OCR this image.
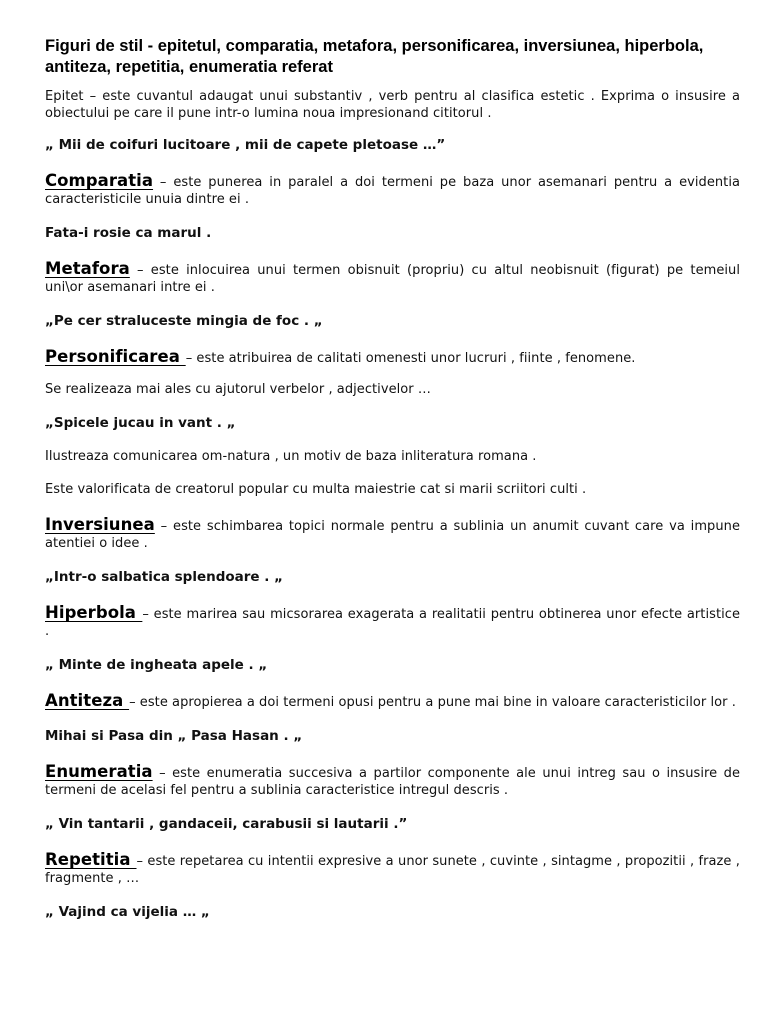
Figuri de stil - epitetul, comparatia, metafora, personificarea, inversiunea, hiperbola, antiteza, repetitia, enumeratia referat

Epitet – este cuvantul adaugat unui substantiv , verb pentru al clasifica estetic . Exprima o insusire a obiectului pe care il pune intr-o lumina noua impresionand cititorul .

„ Mii de coifuri lucitoare , mii de capete pletoase …”

Comparatia – este punerea in paralel a doi termeni pe baza unor asemanari pentru a evidentia caracteristicile unuia dintre ei .

Fata-i rosie ca marul .

Metafora – este inlocuirea unui termen obisnuit (propriu) cu altul neobisnuit (figurat) pe temeiul uni\or asemanari intre ei .

„Pe cer straluceste mingia de foc . „

Personificarea – este atribuirea de calitati omenesti unor lucruri , fiinte , fenomene.

Se realizeaza mai ales cu ajutorul verbelor , adjectivelor …

„Spicele jucau in vant . „

Ilustreaza comunicarea om-natura , un motiv de baza inliteratura romana .

Este valorificata de creatorul popular cu multa maiestrie cat si marii scriitori culti .

Inversiunea – este schimbarea topici normale pentru a sublinia un anumit cuvant care va impune atentiei o idee .

„Intr-o salbatica splendoare . „

Hiperbola – este marirea sau micsorarea exagerata a realitatii pentru obtinerea unor efecte artistice .

„ Minte de ingheata apele . „

Antiteza – este apropierea a doi termeni opusi pentru a pune mai bine in valoare caracteristicilor lor .

Mihai si Pasa din „ Pasa Hasan . „

Enumeratia – este enumeratia succesiva a partilor componente ale unui intreg sau o insusire de termeni de acelasi fel pentru a sublinia caracteristice intregul descris .

„ Vin tantarii , gandaceii, carabusii si lautarii .”

Repetitia – este repetarea cu intentii expresive a unor sunete , cuvinte , sintagme , propozitii , fraze , fragmente , …

„ Vajind ca vijelia … „
